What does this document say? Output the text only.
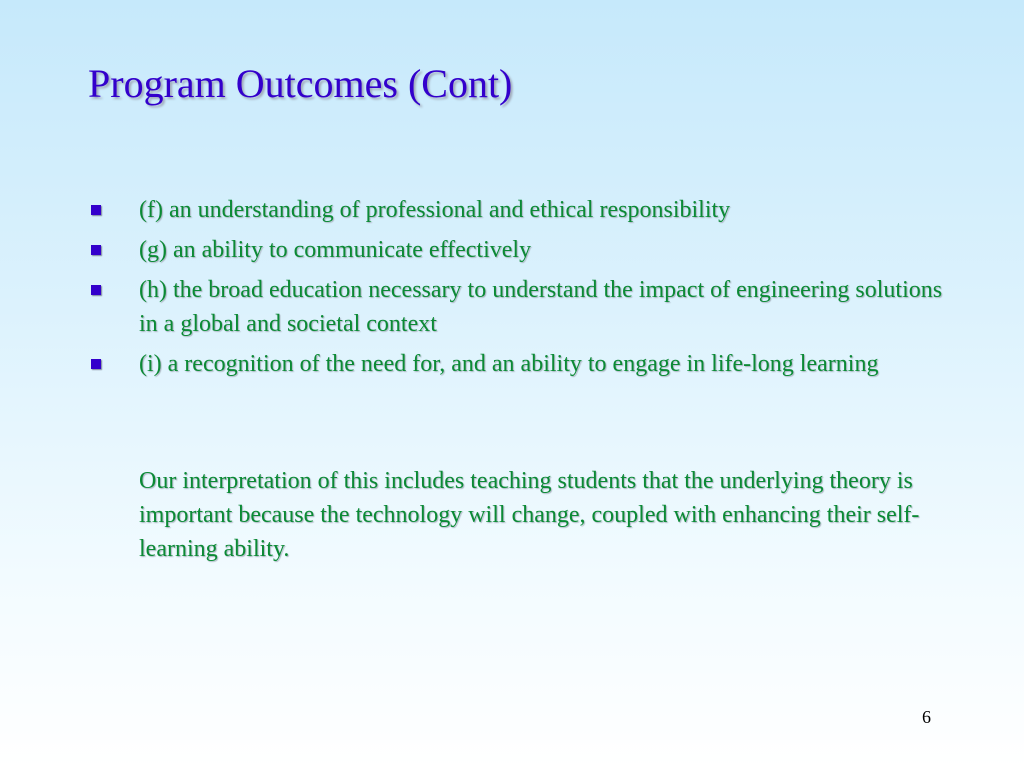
Program Outcomes (Cont)
(f) an understanding of professional and ethical responsibility
(g) an ability to communicate effectively
(h) the broad education necessary to understand the impact of engineering solutions in a global and societal context
(i) a recognition of the need for, and an ability to engage in life-long learning

Our interpretation of this includes teaching students that the underlying theory is important because the technology will change, coupled with enhancing their self-learning ability.

6
